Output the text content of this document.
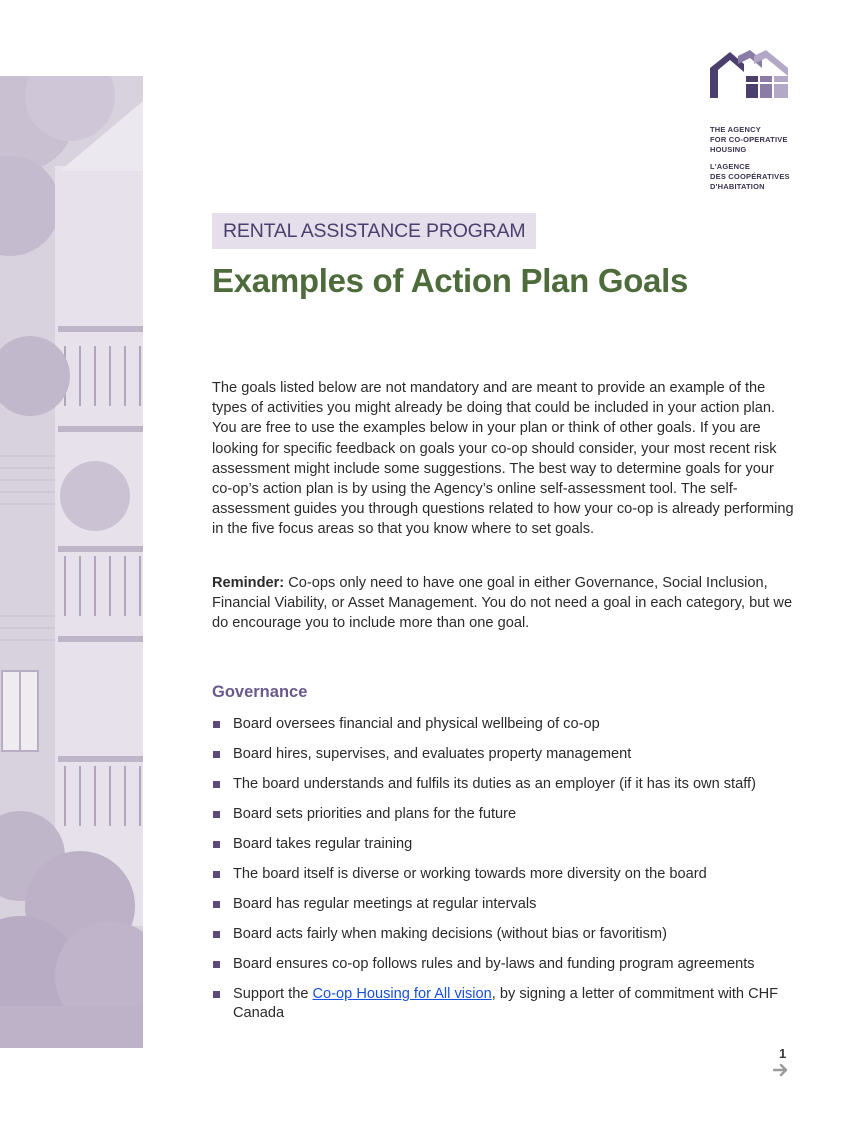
THE AGENCY
FOR CO-OPERATIVE
HOUSING
L'AGENCE
DES COOPÉRATIVES
D'HABITATION
RENTAL ASSISTANCE PROGRAM
Examples of Action Plan Goals

The goals listed below are not mandatory and are meant to provide an example of the types of activities you might already be doing that could be included in your action plan. You are free to use the examples below in your plan or think of other goals. If you are looking for specific feedback on goals your co-op should consider, your most recent risk assessment might include some suggestions. The best way to determine goals for your co-op’s action plan is by using the Agency’s online self-assessment tool. The self-assessment guides you through questions related to how your co-op is already performing in the five focus areas so that you know where to set goals.

Reminder: Co-ops only need to have one goal in either Governance, Social Inclusion, Financial Viability, or Asset Management. You do not need a goal in each category, but we do encourage you to include more than one goal.

Governance
Board oversees financial and physical wellbeing of co-op
Board hires, supervises, and evaluates property management
The board understands and fulfils its duties as an employer (if it has its own staff)
Board sets priorities and plans for the future
Board takes regular training
The board itself is diverse or working towards more diversity on the board
Board has regular meetings at regular intervals
Board acts fairly when making decisions (without bias or favoritism)
Board ensures co-op follows rules and by-laws and funding program agreements
Support the Co-op Housing for All vision, by signing a letter of commitment with CHF Canada
1
